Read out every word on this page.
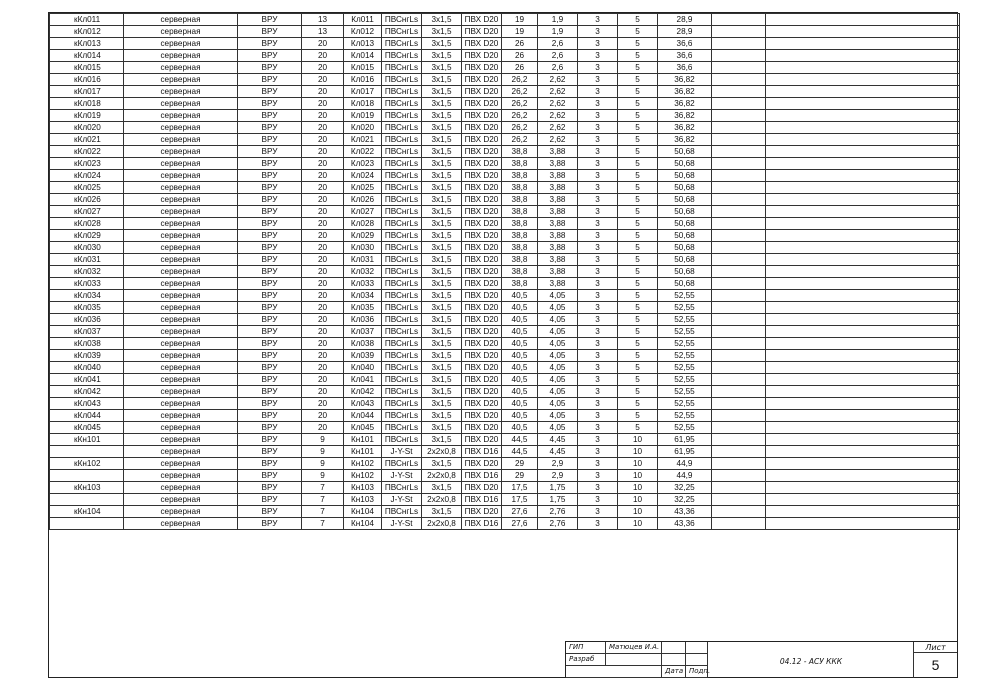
кКл011	серверная	ВРУ	13	Кл011	ПВСнгLs	3x1,5	ПВХ D20	19	1,9	3	5	28,9		
кКл012	серверная	ВРУ	13	Кл012	ПВСнгLs	3x1,5	ПВХ D20	19	1,9	3	5	28,9		
кКл013	серверная	ВРУ	20	Кл013	ПВСнгLs	3x1,5	ПВХ D20	26	2,6	3	5	36,6		
кКл014	серверная	ВРУ	20	Кл014	ПВСнгLs	3x1,5	ПВХ D20	26	2,6	3	5	36,6		
кКл015	серверная	ВРУ	20	Кл015	ПВСнгLs	3x1,5	ПВХ D20	26	2,6	3	5	36,6		
кКл016	серверная	ВРУ	20	Кл016	ПВСнгLs	3x1,5	ПВХ D20	26,2	2,62	3	5	36,82		
кКл017	серверная	ВРУ	20	Кл017	ПВСнгLs	3x1,5	ПВХ D20	26,2	2,62	3	5	36,82		
кКл018	серверная	ВРУ	20	Кл018	ПВСнгLs	3x1,5	ПВХ D20	26,2	2,62	3	5	36,82		
кКл019	серверная	ВРУ	20	Кл019	ПВСнгLs	3x1,5	ПВХ D20	26,2	2,62	3	5	36,82		
кКл020	серверная	ВРУ	20	Кл020	ПВСнгLs	3x1,5	ПВХ D20	26,2	2,62	3	5	36,82		
кКл021	серверная	ВРУ	20	Кл021	ПВСнгLs	3x1,5	ПВХ D20	26,2	2,62	3	5	36,82		
кКл022	серверная	ВРУ	20	Кл022	ПВСнгLs	3x1,5	ПВХ D20	38,8	3,88	3	5	50,68		
кКл023	серверная	ВРУ	20	Кл023	ПВСнгLs	3x1,5	ПВХ D20	38,8	3,88	3	5	50,68		
кКл024	серверная	ВРУ	20	Кл024	ПВСнгLs	3x1,5	ПВХ D20	38,8	3,88	3	5	50,68		
кКл025	серверная	ВРУ	20	Кл025	ПВСнгLs	3x1,5	ПВХ D20	38,8	3,88	3	5	50,68		
кКл026	серверная	ВРУ	20	Кл026	ПВСнгLs	3x1,5	ПВХ D20	38,8	3,88	3	5	50,68		
кКл027	серверная	ВРУ	20	Кл027	ПВСнгLs	3x1,5	ПВХ D20	38,8	3,88	3	5	50,68		
кКл028	серверная	ВРУ	20	Кл028	ПВСнгLs	3x1,5	ПВХ D20	38,8	3,88	3	5	50,68		
кКл029	серверная	ВРУ	20	Кл029	ПВСнгLs	3x1,5	ПВХ D20	38,8	3,88	3	5	50,68		
кКл030	серверная	ВРУ	20	Кл030	ПВСнгLs	3x1,5	ПВХ D20	38,8	3,88	3	5	50,68		
кКл031	серверная	ВРУ	20	Кл031	ПВСнгLs	3x1,5	ПВХ D20	38,8	3,88	3	5	50,68		
кКл032	серверная	ВРУ	20	Кл032	ПВСнгLs	3x1,5	ПВХ D20	38,8	3,88	3	5	50,68		
кКл033	серверная	ВРУ	20	Кл033	ПВСнгLs	3x1,5	ПВХ D20	38,8	3,88	3	5	50,68		
кКл034	серверная	ВРУ	20	Кл034	ПВСнгLs	3x1,5	ПВХ D20	40,5	4,05	3	5	52,55		
кКл035	серверная	ВРУ	20	Кл035	ПВСнгLs	3x1,5	ПВХ D20	40,5	4,05	3	5	52,55		
кКл036	серверная	ВРУ	20	Кл036	ПВСнгLs	3x1,5	ПВХ D20	40,5	4,05	3	5	52,55		
кКл037	серверная	ВРУ	20	Кл037	ПВСнгLs	3x1,5	ПВХ D20	40,5	4,05	3	5	52,55		
кКл038	серверная	ВРУ	20	Кл038	ПВСнгLs	3x1,5	ПВХ D20	40,5	4,05	3	5	52,55		
кКл039	серверная	ВРУ	20	Кл039	ПВСнгLs	3x1,5	ПВХ D20	40,5	4,05	3	5	52,55		
кКл040	серверная	ВРУ	20	Кл040	ПВСнгLs	3x1,5	ПВХ D20	40,5	4,05	3	5	52,55		
кКл041	серверная	ВРУ	20	Кл041	ПВСнгLs	3x1,5	ПВХ D20	40,5	4,05	3	5	52,55		
кКл042	серверная	ВРУ	20	Кл042	ПВСнгLs	3x1,5	ПВХ D20	40,5	4,05	3	5	52,55		
кКл043	серверная	ВРУ	20	Кл043	ПВСнгLs	3x1,5	ПВХ D20	40,5	4,05	3	5	52,55		
кКл044	серверная	ВРУ	20	Кл044	ПВСнгLs	3x1,5	ПВХ D20	40,5	4,05	3	5	52,55		
кКл045	серверная	ВРУ	20	Кл045	ПВСнгLs	3x1,5	ПВХ D20	40,5	4,05	3	5	52,55		
кКн101	серверная	ВРУ	9	Кн101	ПВСнгLs	3x1,5	ПВХ D20	44,5	4,45	3	10	61,95		
	серверная	ВРУ	9	Кн101	J-Y-St	2x2x0,8	ПВХ D16	44,5	4,45	3	10	61,95		
кКн102	серверная	ВРУ	9	Кн102	ПВСнгLs	3x1,5	ПВХ D20	29	2,9	3	10	44,9		
	серверная	ВРУ	9	Кн102	J-Y-St	2x2x0,8	ПВХ D16	29	2,9	3	10	44,9		
кКн103	серверная	ВРУ	7	Кн103	ПВСнгLs	3x1,5	ПВХ D20	17,5	1,75	3	10	32,25		
	серверная	ВРУ	7	Кн103	J-Y-St	2x2x0,8	ПВХ D16	17,5	1,75	3	10	32,25		
кКн104	серверная	ВРУ	7	Кн104	ПВСнгLs	3x1,5	ПВХ D20	27,6	2,76	3	10	43,36		
	серверная	ВРУ	7	Кн104	J-Y-St	2x2x0,8	ПВХ D16	27,6	2,76	3	10	43,36		
ГИП	Матюцев И.А.
Разраб
Дата Подп.
04.12 - АСУ ККК
Лист
5
